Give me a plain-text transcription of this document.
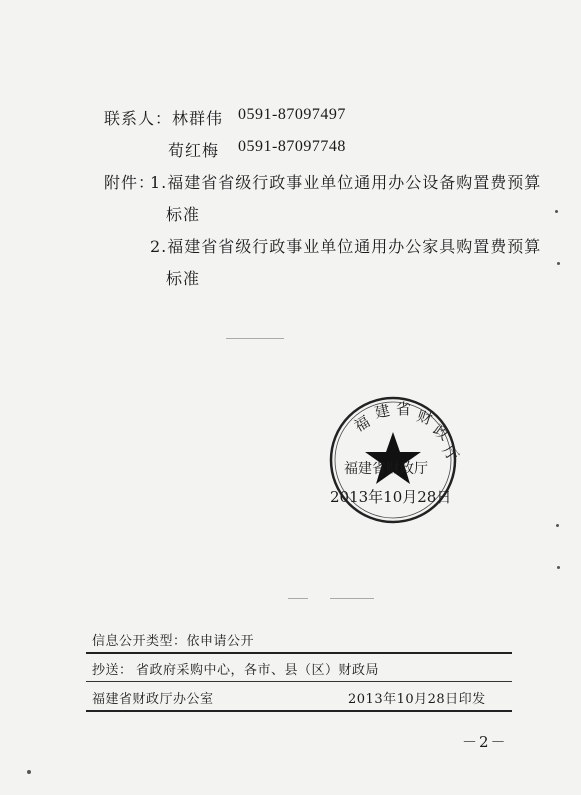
联系人：林群伟 0591-87097497
荀红梅 0591-87097748
附件：
1.福建省省级行政事业单位通用办公设备购置费预算
标准
2.福建省省级行政事业单位通用办公家具购置费预算
标准
福
建 省 财
政
厅
福建省财政厅
2013年10月28日
信息公开类型：依申请公开
抄送： 省政府采购中心，各市、县（区）财政局
福建省财政厅办公室	2013年10月28日印发
－2－
